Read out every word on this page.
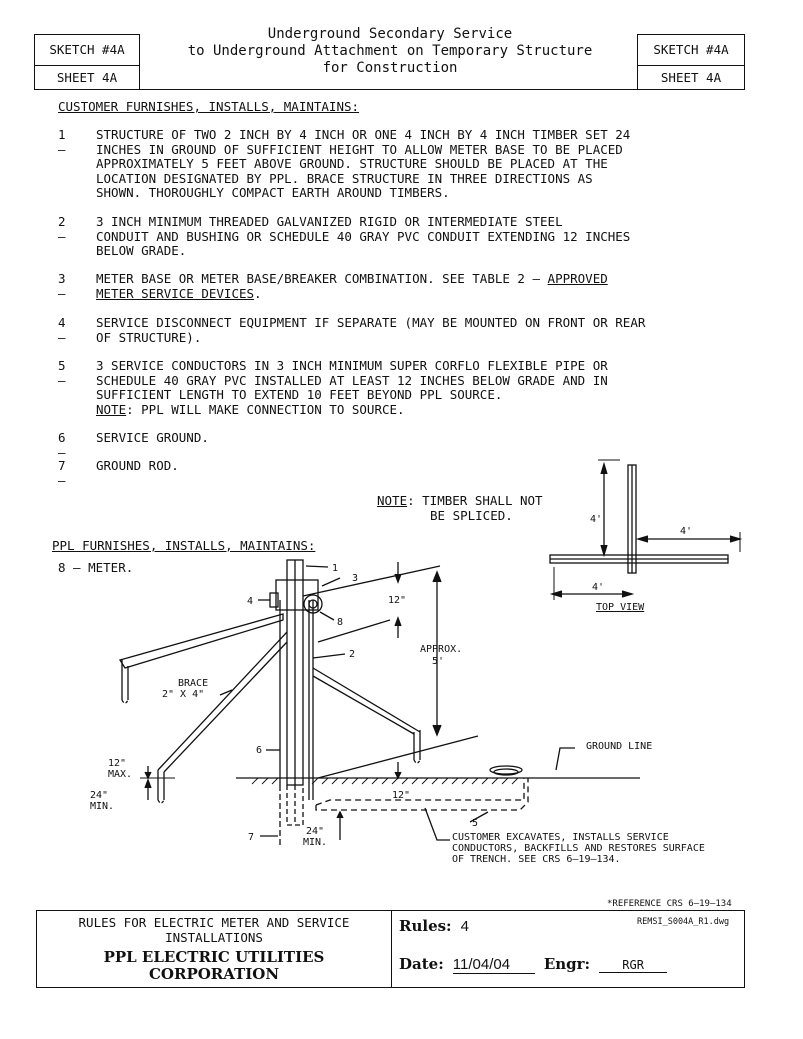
SKETCH #4A
SHEET 4A
SKETCH #4A
SHEET 4A
Underground Secondary Service
to Underground Attachment on Temporary Structure
for Construction
CUSTOMER FURNISHES, INSTALLS, MAINTAINS:
1 –
STRUCTURE OF TWO 2 INCH BY 4 INCH OR ONE 4 INCH BY 4 INCH TIMBER SET 24
INCHES IN GROUND OF SUFFICIENT HEIGHT TO ALLOW METER BASE TO BE PLACED
APPROXIMATELY 5 FEET ABOVE GROUND. STRUCTURE SHOULD BE PLACED AT THE
LOCATION DESIGNATED BY PPL. BRACE STRUCTURE IN THREE DIRECTIONS AS
SHOWN. THOROUGHLY COMPACT EARTH AROUND TIMBERS.
2 –
3 INCH MINIMUM THREADED GALVANIZED RIGID OR INTERMEDIATE STEEL
CONDUIT AND BUSHING OR SCHEDULE 40 GRAY PVC CONDUIT EXTENDING 12 INCHES
BELOW GRADE.
3 –
METER BASE OR METER BASE/BREAKER COMBINATION. SEE TABLE 2 – APPROVED
METER SERVICE DEVICES.
4 –
SERVICE DISCONNECT EQUIPMENT IF SEPARATE (MAY BE MOUNTED ON FRONT OR REAR
OF STRUCTURE).
5 –
3 SERVICE CONDUCTORS IN 3 INCH MINIMUM SUPER CORFLO FLEXIBLE PIPE OR
SCHEDULE 40 GRAY PVC INSTALLED AT LEAST 12 INCHES BELOW GRADE AND IN
SUFFICIENT LENGTH TO EXTEND 10 FEET BEYOND PPL SOURCE.
NOTE: PPL WILL MAKE CONNECTION TO SOURCE.
6 –
SERVICE GROUND.
7 –
GROUND ROD.
NOTE: TIMBER SHALL NOT
BE SPLICED.
PPL FURNISHES, INSTALLS, MAINTAINS:
8 – METER.	1
3
4
8
2
6
7
5
BRACE
2" X 4"
12"
APPROX.
5'
12"
MAX.
24"
MIN.
12"
24"
MIN.
GROUND LINE
CUSTOMER EXCAVATES, INSTALLS SERVICE
CONDUCTORS, BACKFILLS AND RESTORES SURFACE
OF TRENCH. SEE CRS 6–19–134.
4'
4'
4'
TOP VIEW
*REFERENCE CRS 6–19–134
RULES FOR ELECTRIC METER AND SERVICE
INSTALLATIONS
PPL ELECTRIC UTILITIES
CORPORATION
Rules: 4	REMSI_S004A_R1.dwg
Date: 11/04/04 Engr:	RGR
